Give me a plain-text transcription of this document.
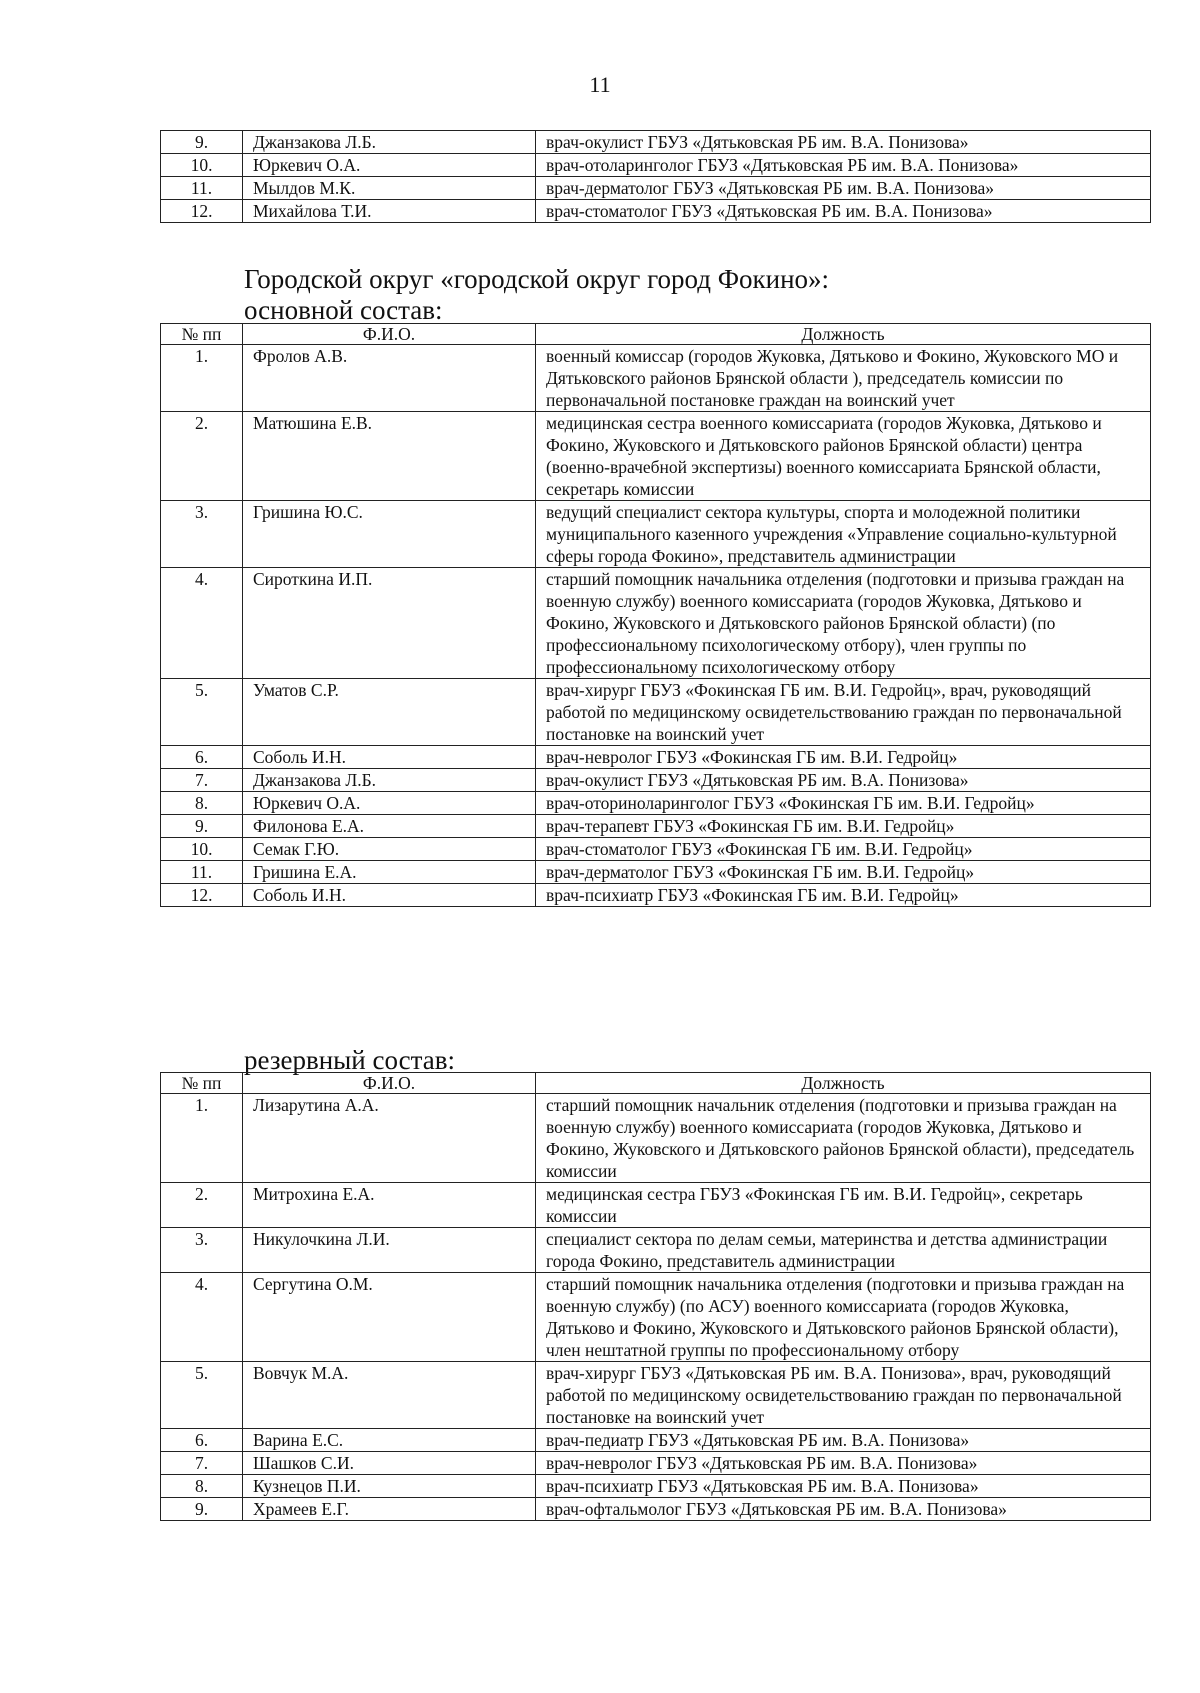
11
9.	Джанзакова Л.Б.	врач-окулист ГБУЗ «Дятьковская РБ им. В.А. Понизова»
10.	Юркевич О.А.	врач-отоларинголог ГБУЗ «Дятьковская РБ им. В.А. Понизова»
11.	Мылдов М.К.	врач-дерматолог ГБУЗ «Дятьковская РБ им. В.А. Понизова»
12.	Михайлова Т.И.	врач-стоматолог ГБУЗ «Дятьковская РБ им. В.А. Понизова»
Городской округ «городской округ город Фокино»:
основной состав:
№ пп	Ф.И.О.	Должность
1.	Фролов А.В.	военный комиссар (городов Жуковка, Дятьково и Фокино, Жуковского МО и Дятьковского районов Брянской области ), председатель комиссии по первоначальной постановке граждан на воинский учет
2.	Матюшина Е.В.	медицинская сестра военного комиссариата (городов Жуковка, Дятьково и Фокино, Жуковского и Дятьковского районов Брянской области) центра (военно-врачебной экспертизы) военного комиссариата Брянской области, секретарь комиссии
3.	Гришина Ю.С.	ведущий специалист сектора культуры, спорта и молодежной политики муниципального казенного учреждения «Управление социально-культурной сферы города Фокино», представитель администрации
4.	Сироткина И.П.	старший помощник начальника отделения (подготовки и призыва граждан на военную службу) военного комиссариата (городов Жуковка, Дятьково и Фокино, Жуковского и Дятьковского районов Брянской области) (по профессиональному психологическому отбору), член группы по профессиональному психологическому отбору
5.	Уматов С.Р.	врач-хирург ГБУЗ «Фокинская ГБ им. В.И. Гедройц», врач, руководящий работой по медицинскому освидетельствованию граждан по первоначальной постановке на воинский учет
6.	Соболь И.Н.	врач-невролог ГБУЗ «Фокинская ГБ им. В.И. Гедройц»
7.	Джанзакова Л.Б.	врач-окулист ГБУЗ «Дятьковская РБ им. В.А. Понизова»
8.	Юркевич О.А.	врач-оториноларинголог ГБУЗ «Фокинская ГБ им. В.И. Гедройц»
9.	Филонова Е.А.	врач-терапевт ГБУЗ «Фокинская ГБ им. В.И. Гедройц»
10.	Семак Г.Ю.	врач-стоматолог ГБУЗ «Фокинская ГБ им. В.И. Гедройц»
11.	Гришина Е.А.	врач-дерматолог ГБУЗ «Фокинская ГБ им. В.И. Гедройц»
12.	Соболь И.Н.	врач-психиатр ГБУЗ «Фокинская ГБ им. В.И. Гедройц»
резервный состав:
№ пп	Ф.И.О.	Должность
1.	Лизарутина А.А.	старший помощник начальник отделения (подготовки и призыва граждан на военную службу) военного комиссариата (городов Жуковка, Дятьково и Фокино, Жуковского и Дятьковского районов Брянской области), председатель комиссии
2.	Митрохина Е.А.	медицинская сестра ГБУЗ «Фокинская ГБ им. В.И. Гедройц», секретарь комиссии
3.	Никулочкина Л.И.	специалист сектора по делам семьи, материнства и детства администрации города Фокино, представитель администрации
4.	Сергутина О.М.	старший помощник начальника отделения (подготовки и призыва граждан на военную службу) (по АСУ) военного комиссариата (городов Жуковка, Дятьково и Фокино, Жуковского и Дятьковского районов Брянской области), член нештатной группы по профессиональному отбору
5.	Вовчук М.А.	врач-хирург ГБУЗ «Дятьковская РБ им. В.А. Понизова», врач, руководящий работой по медицинскому освидетельствованию граждан по первоначальной постановке на воинский учет
6.	Варина Е.С.	врач-педиатр ГБУЗ «Дятьковская РБ им. В.А. Понизова»
7.	Шашков С.И.	врач-невролог ГБУЗ «Дятьковская РБ им. В.А. Понизова»
8.	Кузнецов П.И.	врач-психиатр ГБУЗ «Дятьковская РБ им. В.А. Понизова»
9.	Храмеев Е.Г.	врач-офтальмолог ГБУЗ «Дятьковская РБ им. В.А. Понизова»
